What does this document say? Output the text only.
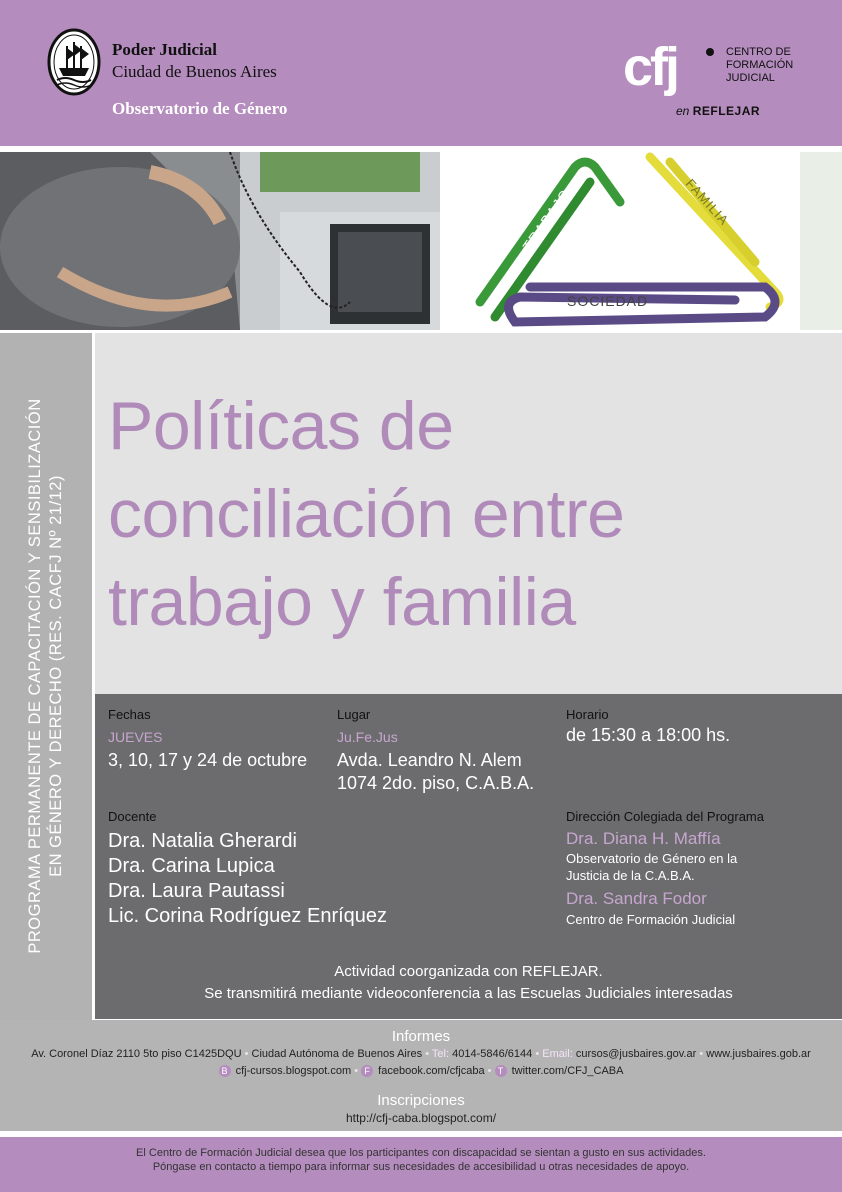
Poder Judicial
Ciudad de Buenos Aires
Observatorio de Género
cfj	CENTRO DE
FORMACIÓN
JUDICIAL
en REFLEJAR
TRABAJO	FAMILIA
SOCIEDAD
PROGRAMA PERMANENTE DE CAPACITACIÓN Y SENSIBILIZACIÓN EN GÉNERO Y DERECHO (RES. CACFJ Nº 21/12)
Políticas de
conciliación entre
trabajo y familia
Fechas
JUEVES
3, 10, 17 y 24 de octubre
Lugar
Ju.Fe.Jus
Avda. Leandro N. Alem
1074 2do. piso, C.A.B.A.
Horario
de 15:30 a 18:00 hs.
Docente
Dra. Natalia Gherardi
Dra. Carina Lupica
Dra. Laura Pautassi
Lic. Corina Rodríguez Enríquez
Dirección Colegiada del Programa
Dra. Diana H. Maffía
Observatorio de Género en la
Justicia de la C.A.B.A.
Dra. Sandra Fodor
Centro de Formación Judicial
Actividad coorganizada con REFLEJAR.
Se transmitirá mediante videoconferencia a las Escuelas Judiciales interesadas
Informes
Av. Coronel Díaz 2110 5to piso C1425DQU • Ciudad Autónoma de Buenos Aires • Tel: 4014-5846/6144 • Email: cursos@jusbaires.gov.ar • www.jusbaires.gob.ar
B cfj-cursos.blogspot.com • F facebook.com/cfjcaba • T twitter.com/CFJ_CABA
Inscripciones
http://cfj-caba.blogspot.com/
El Centro de Formación Judicial desea que los participantes con discapacidad se sientan a gusto en sus actividades.
Póngase en contacto a tiempo para informar sus necesidades de accesibilidad u otras necesidades de apoyo.
